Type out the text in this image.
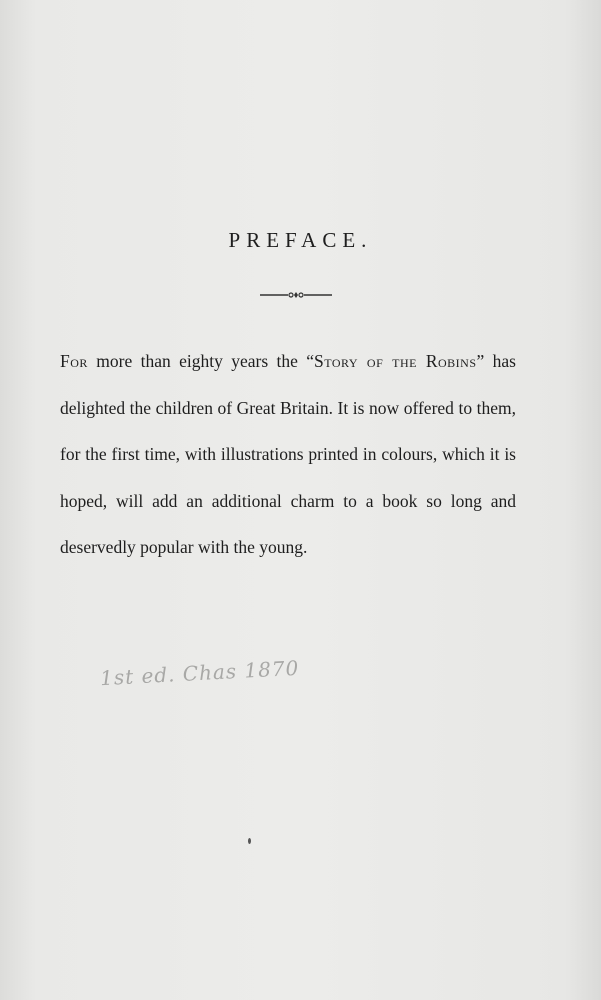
PREFACE.
For more than eighty years the “Story of the Robins” has delighted the children of Great Britain. It is now offered to them, for the first time, with illustrations printed in colours, which it is hoped, will add an additional charm to a book so long and deservedly popular with the young.
1st ed. Chas 1870
